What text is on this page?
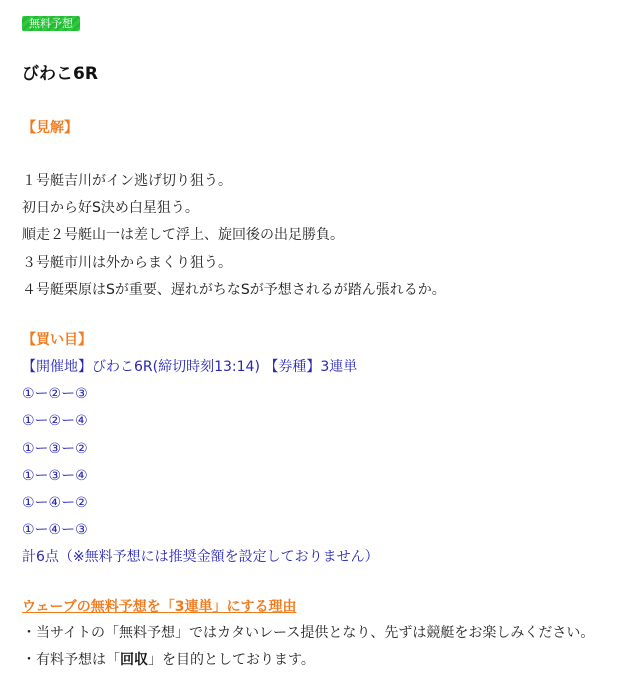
無料予想
びわこ6R
【見解】
１号艇吉川がイン逃げ切り狙う。
初日から好S決め白星狙う。
順走２号艇山一は差して浮上、旋回後の出足勝負。
３号艇市川は外からまくり狙う。
４号艇栗原はSが重要、遅れがちなSが予想されるが踏ん張れるか。
【買い目】
【開催地】びわこ6R(締切時刻13:14) 【券種】3連単
①ー②ー③
①ー②ー④
①ー③ー②
①ー③ー④
①ー④ー②
①ー④ー③
計6点（※無料予想には推奨金額を設定しておりません）
ウェーブの無料予想を「3連単」にする理由
・当サイトの「無料予想」ではカタいレース提供となり、先ずは競艇をお楽しみください。
・有料予想は「回収」を目的としております。
